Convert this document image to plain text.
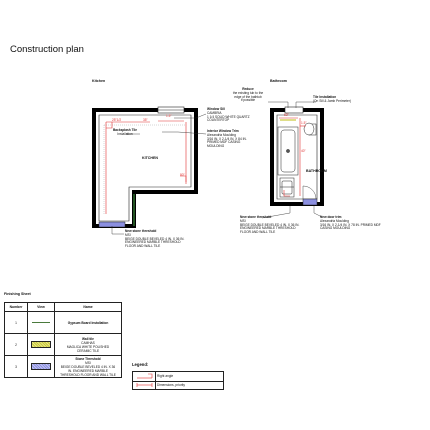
Construction plan
Kitchen
KITCHEN
25"1/2
1.5"
80"
35"
Window Sill
CAMBRIA
1 1/4 SOLID WHITE QUARTZ
COUNTERTOP
Backsplash Tile
Installation
Interior Window Trim
Alexandria Moulding
3/16 IN. X 2-1/4 IN. X 84 IN.
PRIMED MDF CASING
MOULDING
New stone threshold
MSI
BEIGE DOUBLE BEVELED 4 IN. X 36 IN.
ENGINEERED MARBLE THRESHOLD
FLOOR AND WALL TILE
Bathroom
BATHROOM
1.5"
40"
63"
Reduce
the existing tub to the
edge of the bathtub
if possible
Tile Installation
(On Sill & Jamb Perimeter)
New stone threshold
MSI
BEIGE DOUBLE BEVELED 4 IN. X 36 IN.
ENGINEERED MARBLE THRESHOLD
FLOOR AND WALL TILE
New door trim
Alexandria Moulding
3/16 IN. X 2-1/4 IN. X 78 IN. PRIMED MDF
CASING MOULDING
Finishing Sheet
Number	View	Name
1		Gypsum Board Installation

2		Wall tile
CAMHAS
MAGLICA WHITE POLISHED
CERAMIC TILE

3		Stone Threshold
MSI
BEIGE DOUBLE BEVELED 4 IN. X 36
IN. ENGINEERED MARBLE
THRESHOLD FLOOR AND WALL TILE
Legend:
Right angle
Dimensions, priority
